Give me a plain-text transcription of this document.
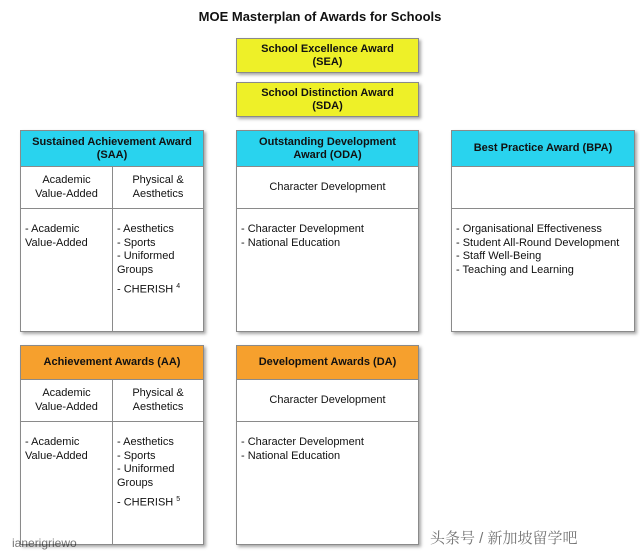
MOE Masterplan of Awards for Schools
School Excellence Award
(SEA)
School Distinction Award
(SDA)
Sustained Achievement Award
(SAA)
Academic
Value-Added
Physical &
Aesthetics
- Academic
Value-Added
- Aesthetics
- Sports
- Uniformed
Groups
- CHERISH $^4$
Outstanding Development
Award (ODA)
Character Development
- Character Development
- National Education
Best Practice Award (BPA)
- Organisational Effectiveness
- Student All-Round Development
- Staff Well-Being
- Teaching and Learning
Achievement Awards (AA)
Academic
Value-Added
Physical &
Aesthetics
- Academic
Value-Added
- Aesthetics
- Sports
- Uniformed
Groups
- CHERISH $^5$
Development Awards (DA)
Character Development
- Character Development
- National Education
ianerigriewo	头条号 / 新加坡留学吧
